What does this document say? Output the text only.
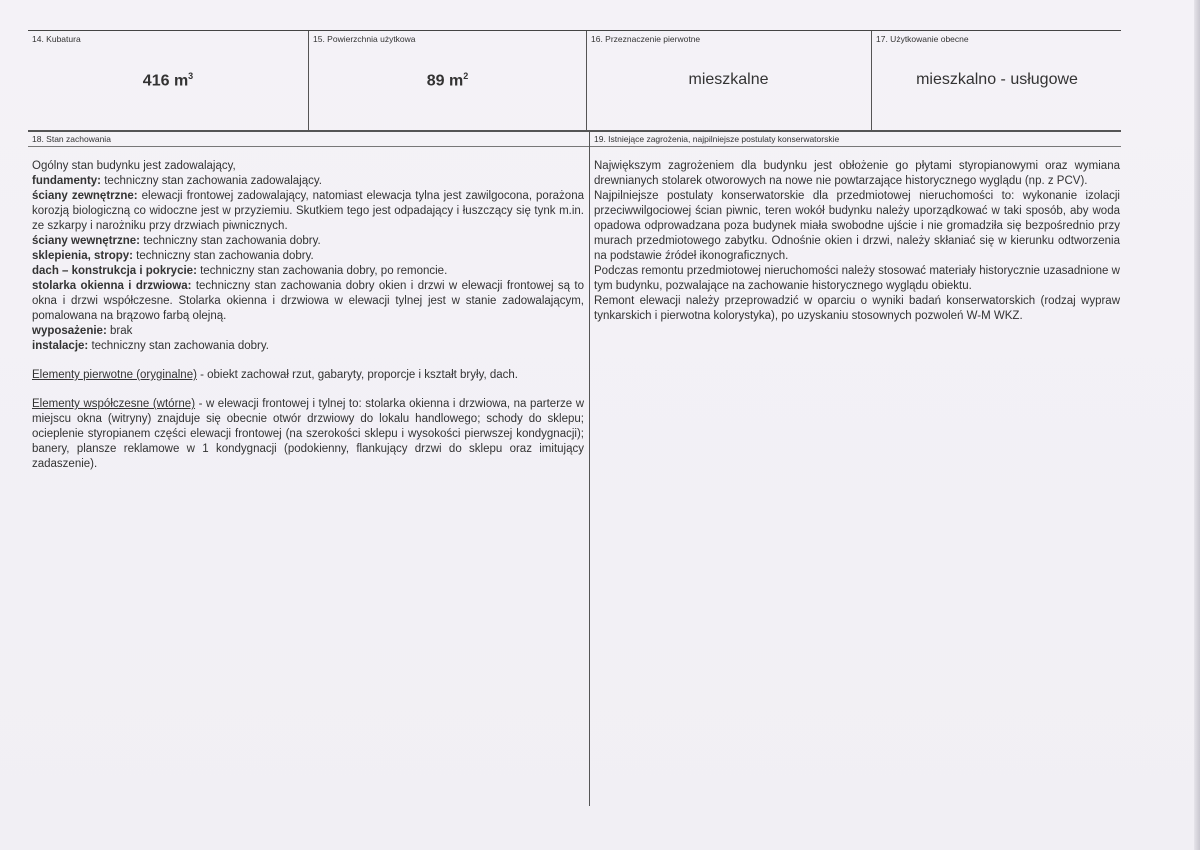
14. Kubatura
416 $m^3$
15. Powierzchnia użytkowa
89 $m^2$
16. Przeznaczenie pierwotne
mieszkalne
17. Użytkowanie obecne
mieszkalno - usługowe
18. Stan zachowania	19. Istniejące zagrożenia, najpilniejsze postulaty konserwatorskie

Ogólny stan budynku jest zadowalający,

fundamenty: techniczny stan zachowania zadowalający.

ściany zewnętrzne: elewacji frontowej zadowalający, natomiast elewacja tylna jest zawilgocona, porażona korozją biologiczną co widoczne jest w przyziemiu. Skutkiem tego jest odpadający i łuszczący się tynk m.in. ze szkarpy i narożniku przy drzwiach piwnicznych.

ściany wewnętrzne: techniczny stan zachowania dobry.

sklepienia, stropy: techniczny stan zachowania dobry.

dach – konstrukcja i pokrycie: techniczny stan zachowania dobry, po remoncie.

stolarka okienna i drzwiowa: techniczny stan zachowania dobry okien i drzwi w elewacji frontowej są to okna i drzwi współczesne. Stolarka okienna i drzwiowa w elewacji tylnej jest w stanie zadowalającym, pomalowana na brązowo farbą olejną.

wyposażenie: brak

instalacje: techniczny stan zachowania dobry.

Elementy pierwotne (oryginalne) - obiekt zachował rzut, gabaryty, proporcje i kształt bryły, dach.

Elementy współczesne (wtórne) - w elewacji frontowej i tylnej to: stolarka okienna i drzwiowa, na parterze w miejscu okna (witryny) znajduje się obecnie otwór drzwiowy do lokalu handlowego; schody do sklepu; ocieplenie styropianem części elewacji frontowej (na szerokości sklepu i wysokości pierwszej kondygnacji); banery, plansze reklamowe w 1 kondygnacji (podokienny, flankujący drzwi do sklepu oraz imitujący zadaszenie).

Największym zagrożeniem dla budynku jest obłożenie go płytami styropianowymi oraz wymiana drewnianych stolarek otworowych na nowe nie powtarzające historycznego wyglądu (np. z PCV).

Najpilniejsze postulaty konserwatorskie dla przedmiotowej nieruchomości to: wykonanie izolacji przeciwwilgociowej ścian piwnic, teren wokół budynku należy uporządkować w taki sposób, aby woda opadowa odprowadzana poza budynek miała swobodne ujście i nie gromadziła się bezpośrednio przy murach przedmiotowego zabytku. Odnośnie okien i drzwi, należy skłaniać się w kierunku odtworzenia na podstawie źródeł ikonograficznych.

Podczas remontu przedmiotowej nieruchomości należy stosować materiały historycznie uzasadnione w tym budynku, pozwalające na zachowanie historycznego wyglądu obiektu.

Remont elewacji należy przeprowadzić w oparciu o wyniki badań konserwatorskich (rodzaj wypraw tynkarskich i pierwotna kolorystyka), po uzyskaniu stosownych pozwoleń W-M WKZ.
